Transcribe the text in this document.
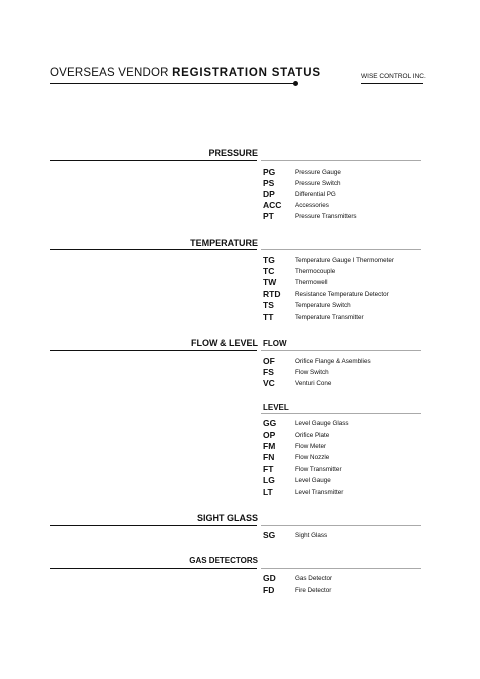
OVERSEAS VENDOR REGISTRATION STATUS	WISE CONTROL INC.
PRESSURE
PG	Pressure Gauge
PS	Pressure Switch
DP	Differential PG
ACC	Accessories
PT	Pressure Transmitters
TEMPERATURE
TG	Temperature Gauge I Thermometer
TC	Thermocouple
TW	Thermowell
RTD	Resistance Temperature Detector
TS	Temperature Switch
TT	Temperature Transmitter
FLOW & LEVEL FLOW
OF	Orifice Flange & Asemblies
FS	Flow Switch
VC	Venturi Cone
LEVEL
GG	Level Gauge Glass
OP	Orifice Plate
FM	Flow Meter
FN	Flow Nozzle
FT	Flow Transmitter
LG	Level Gauge
LT	Level Transmitter
SIGHT GLASS
SG	Sight Glass
GAS DETECTORS
GD	Gas Detector
FD	Fire Detector
